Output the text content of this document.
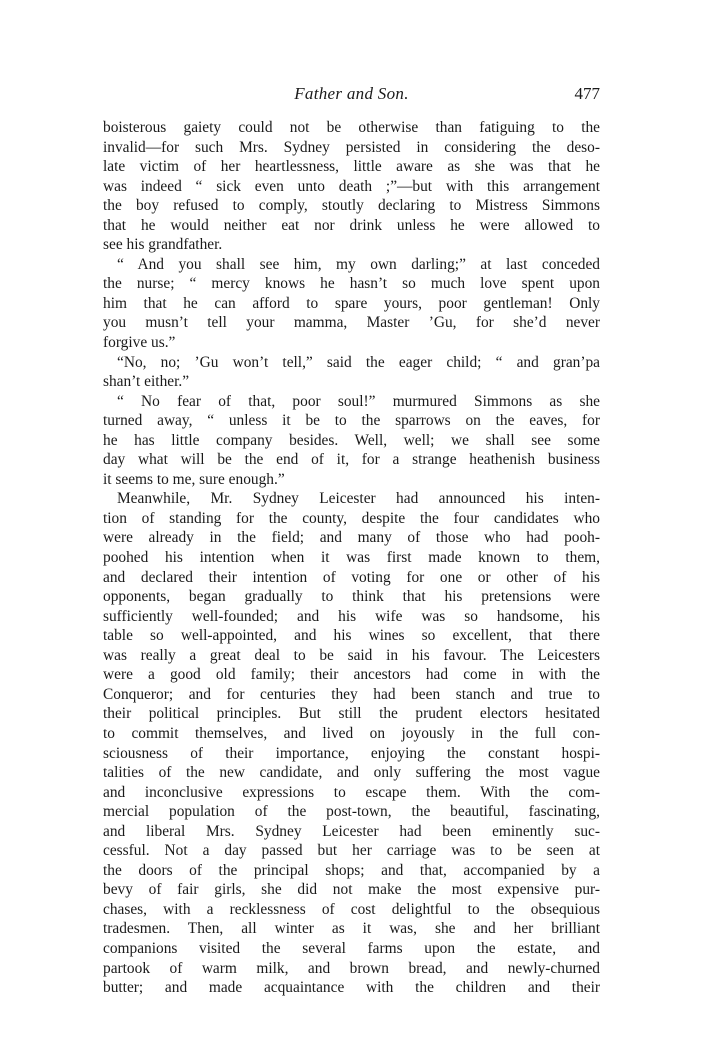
Father and Son.	477
boisterous gaiety could not be otherwise than fatiguing to the
invalid—for such Mrs. Sydney persisted in considering the deso-
late victim of her heartlessness, little aware as she was that he
was indeed “ sick even unto death ;”—but with this arrangement
the boy refused to comply, stoutly declaring to Mistress Simmons
that he would neither eat nor drink unless he were allowed to
see his grandfather.
“ And you shall see him, my own darling;” at last conceded
the nurse; “ mercy knows he hasn’t so much love spent upon
him that he can afford to spare yours, poor gentleman! Only
you musn’t tell your mamma, Master ’Gu, for she’d never
forgive us.”
“No, no; ’Gu won’t tell,” said the eager child; “ and gran’pa
shan’t either.”
“ No fear of that, poor soul!” murmured Simmons as she
turned away, “ unless it be to the sparrows on the eaves, for
he has little company besides. Well, well; we shall see some
day what will be the end of it, for a strange heathenish business
it seems to me, sure enough.”
Meanwhile, Mr. Sydney Leicester had announced his inten-
tion of standing for the county, despite the four candidates who
were already in the field; and many of those who had pooh-
poohed his intention when it was first made known to them,
and declared their intention of voting for one or other of his
opponents, began gradually to think that his pretensions were
sufficiently well-founded; and his wife was so handsome, his
table so well-appointed, and his wines so excellent, that there
was really a great deal to be said in his favour. The Leicesters
were a good old family; their ancestors had come in with the
Conqueror; and for centuries they had been stanch and true to
their political principles. But still the prudent electors hesitated
to commit themselves, and lived on joyously in the full con-
sciousness of their importance, enjoying the constant hospi-
talities of the new candidate, and only suffering the most vague
and inconclusive expressions to escape them. With the com-
mercial population of the post-town, the beautiful, fascinating,
and liberal Mrs. Sydney Leicester had been eminently suc-
cessful. Not a day passed but her carriage was to be seen at
the doors of the principal shops; and that, accompanied by a
bevy of fair girls, she did not make the most expensive pur-
chases, with a recklessness of cost delightful to the obsequious
tradesmen. Then, all winter as it was, she and her brilliant
companions visited the several farms upon the estate, and
partook of warm milk, and brown bread, and newly-churned
butter; and made acquaintance with the children and their
